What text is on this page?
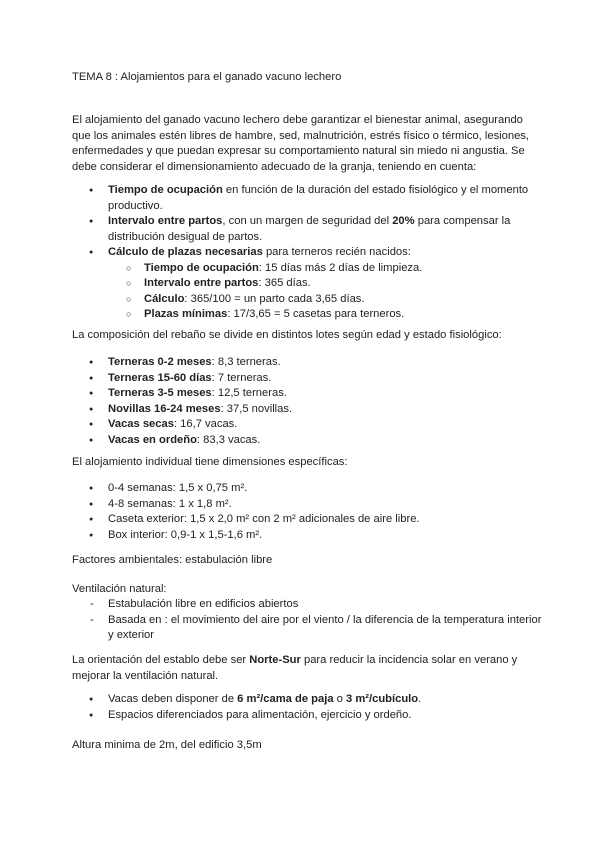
TEMA 8 : Alojamientos para el ganado vacuno lechero

El alojamiento del ganado vacuno lechero debe garantizar el bienestar animal, asegurando que los animales estén libres de hambre, sed, malnutrición, estrés físico o térmico, lesiones, enfermedades y que puedan expresar su comportamiento natural sin miedo ni angustia. Se debe considerar el dimensionamiento adecuado de la granja, teniendo en cuenta:

● Tiempo de ocupación en función de la duración del estado fisiológico y el momento productivo.
● Intervalo entre partos, con un margen de seguridad del 20% para compensar la distribución desigual de partos.
● Cálculo de plazas necesarias para terneros recién nacidos:
○ Tiempo de ocupación: 15 días más 2 días de limpieza.
○ Intervalo entre partos: 365 días.
○ Cálculo: 365/100 = un parto cada 3,65 días.
○ Plazas mínimas: 17/3,65 = 5 casetas para terneros.

La composición del rebaño se divide en distintos lotes según edad y estado fisiológico:

● Terneras 0-2 meses: 8,3 terneras.
● Terneras 15-60 días: 7 terneras.
● Terneras 3-5 meses: 12,5 terneras.
● Novillas 16-24 meses: 37,5 novillas.
● Vacas secas: 16,7 vacas.
● Vacas en ordeño: 83,3 vacas.

El alojamiento individual tiene dimensiones específicas:

● 0-4 semanas: 1,5 x 0,75 m².
● 4-8 semanas: 1 x 1,8 m².
● Caseta exterior: 1,5 x 2,0 m² con 2 m² adicionales de aire libre.
● Box interior: 0,9-1 x 1,5-1,6 m².

Factores ambientales: estabulación libre

Ventilación natural:

- Estabulación libre en edificios abiertos
- Basada en : el movimiento del aire por el viento / la diferencia de la temperatura interior y exterior

La orientación del establo debe ser Norte-Sur para reducir la incidencia solar en verano y mejorar la ventilación natural.

● Vacas deben disponer de 6 m²/cama de paja o 3 m²/cubículo.
● Espacios diferenciados para alimentación, ejercicio y ordeño.

Altura minima de 2m, del edificio 3,5m
